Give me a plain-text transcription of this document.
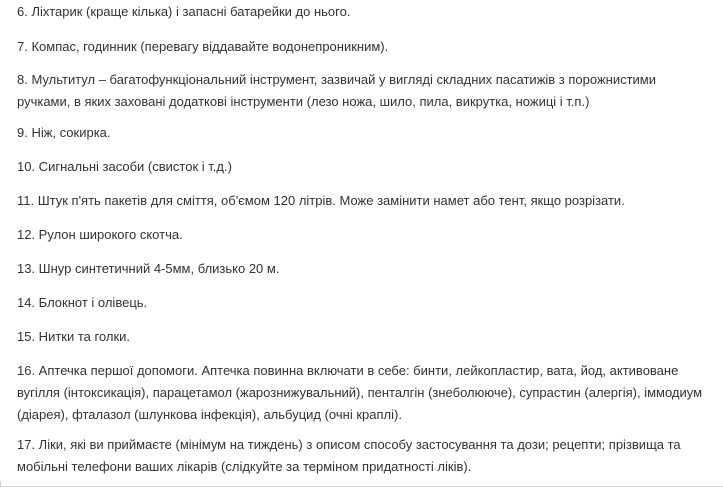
6. Ліхтарик (краще кілька) і запасні батарейки до нього.

7. Компас, годинник (перевагу віддавайте водонепроникним).

8. Мультитул – багатофункціональний інструмент, зазвичай у вигляді складних пасатижів з порожнистими ручками, в яких заховані додаткові інструменти (лезо ножа, шило, пила, викрутка, ножиці і т.п.)

9. Ніж, сокирка.

10. Сигнальні засоби (свисток і т.д.)

11. Штук п'ять пакетів для сміття, об'ємом 120 літрів. Може замінити намет або тент, якщо розрізати.

12. Рулон широкого скотча.

13. Шнур синтетичний 4-5мм, близько 20 м.

14. Блокнот і олівець.

15. Нитки та голки.

16. Аптечка першої допомоги. Аптечка повинна включати в себе: бинти, лейкопластир, вата, йод, активоване вугілля (інтоксикація), парацетамол (жарознижувальний), пенталгін (знеболююче), супрастин (алергія), іммодиум (діарея), фталазол (шлункова інфекція), альбуцид (очні краплі).

17. Ліки, які ви приймаєте (мінімум на тиждень) з описом способу застосування та дози; рецепти; прізвища та мобільні телефони ваших лікарів (слідкуйте за терміном придатності ліків).
